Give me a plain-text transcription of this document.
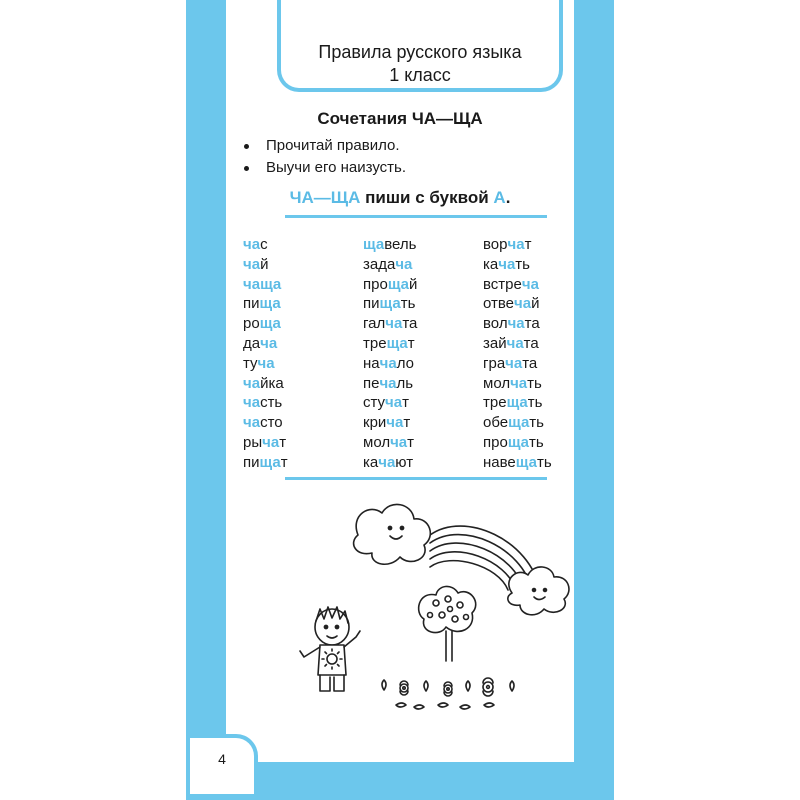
Правила русского языка
1 класс
Сочетания ЧА—ЩА
Прочитай правило.
Выучи его наизусть.
ЧА—ЩА пиши с буквой А.
час
чай
чаща
пища
роща
дача
туча
чайка
часть
часто
рычат
пищат
щавель
задача
прощай
пищать
галчата
трещат
начало
печаль
стучат
кричат
молчат
качают
ворчат
качать
встреча
отвечай
волчата
зайчата
грачата
молчать
трещать
обещать
прощать
навещать
4
